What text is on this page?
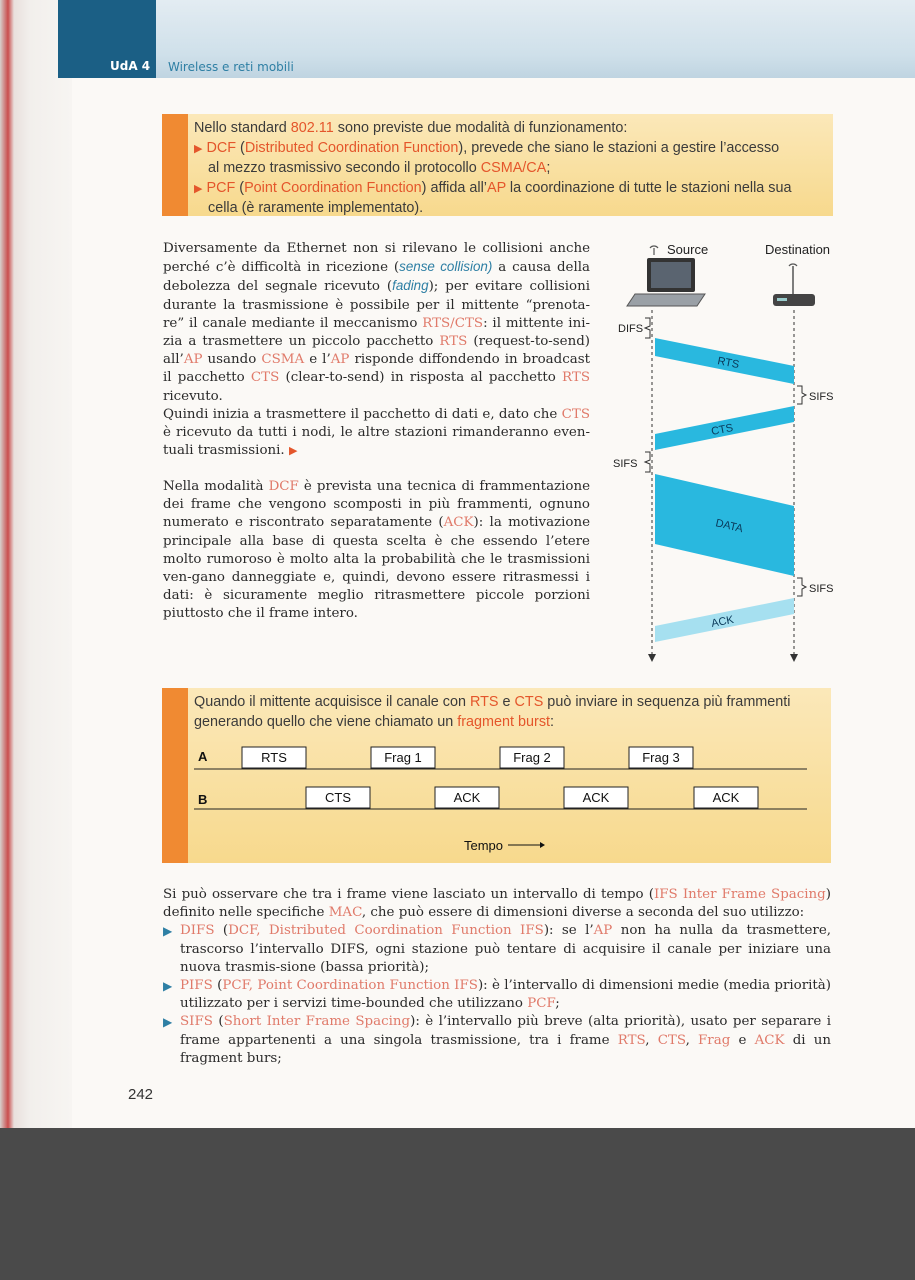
UdA 4 Wireless e reti mobili
Nello standard 802.11 sono previste due modalità di funzionamento:
▶ DCF (Distributed Coordination Function), prevede che siano le stazioni a gestire l’accesso
al mezzo trasmissivo secondo il protocollo CSMA/CA;
▶ PCF (Point Coordination Function) affida all’AP la coordinazione di tutte le stazioni nella sua
cella (è raramente implementato).

Diversamente da Ethernet non si rilevano le collisioni anche perché c’è difficoltà in ricezione (sense collision) a causa della debolezza del segnale ricevuto (fading); per evitare collisioni durante la trasmissione è possibile per il mittente “prenota-re” il canale mediante il meccanismo RTS/CTS: il mittente ini-zia a trasmettere un piccolo pacchetto RTS (request-to-send) all’AP usando CSMA e l’AP risponde diffondendo in broadcast il pacchetto CTS (clear-to-send) in risposta al pacchetto RTS ricevuto.

Quindi inizia a trasmettere il pacchetto di dati e, dato che CTS è ricevuto da tutti i nodi, le altre stazioni rimanderanno even-tuali trasmissioni. ▶

Nella modalità DCF è prevista una tecnica di frammentazione dei frame che vengono scomposti in più frammenti, ognuno numerato e riscontrato separatamente (ACK): la motivazione principale alla base di questa scelta è che essendo l’etere molto rumoroso è molto alta la probabilità che le trasmissioni ven-gano danneggiate e, quindi, devono essere ritrasmessi i dati: è sicuramente meglio ritrasmettere piccole porzioni piuttosto che il frame intero.

Source	Destination
DIFS
RTS
SIFS
CTS
SIFS
DATA
SIFS
ACK
Quando il mittente acquisisce il canale con RTS e CTS può inviare in sequenza più frammenti
generando quello che viene chiamato un fragment burst:
A	RTS	Frag 1	Frag 2	Frag 3
B	CTS	ACK	ACK	ACK
Tempo

Si può osservare che tra i frame viene lasciato un intervallo di tempo (IFS Inter Frame Spacing) definito nelle specifiche MAC, che può essere di dimensioni diverse a seconda del suo utilizzo:

▶ DIFS (DCF, Distributed Coordination Function IFS): se l’AP non ha nulla da trasmettere, trascorso l’intervallo DIFS, ogni stazione può tentare di acquisire il canale per iniziare una nuova trasmis-sione (bassa priorità);

▶ PIFS (PCF, Point Coordination Function IFS): è l’intervallo di dimensioni medie (media priorità) utilizzato per i servizi time-bounded che utilizzano PCF;

▶ SIFS (Short Inter Frame Spacing): è l’intervallo più breve (alta priorità), usato per separare i frame appartenenti a una singola trasmissione, tra i frame RTS, CTS, Frag e ACK di un fragment burs;

242
